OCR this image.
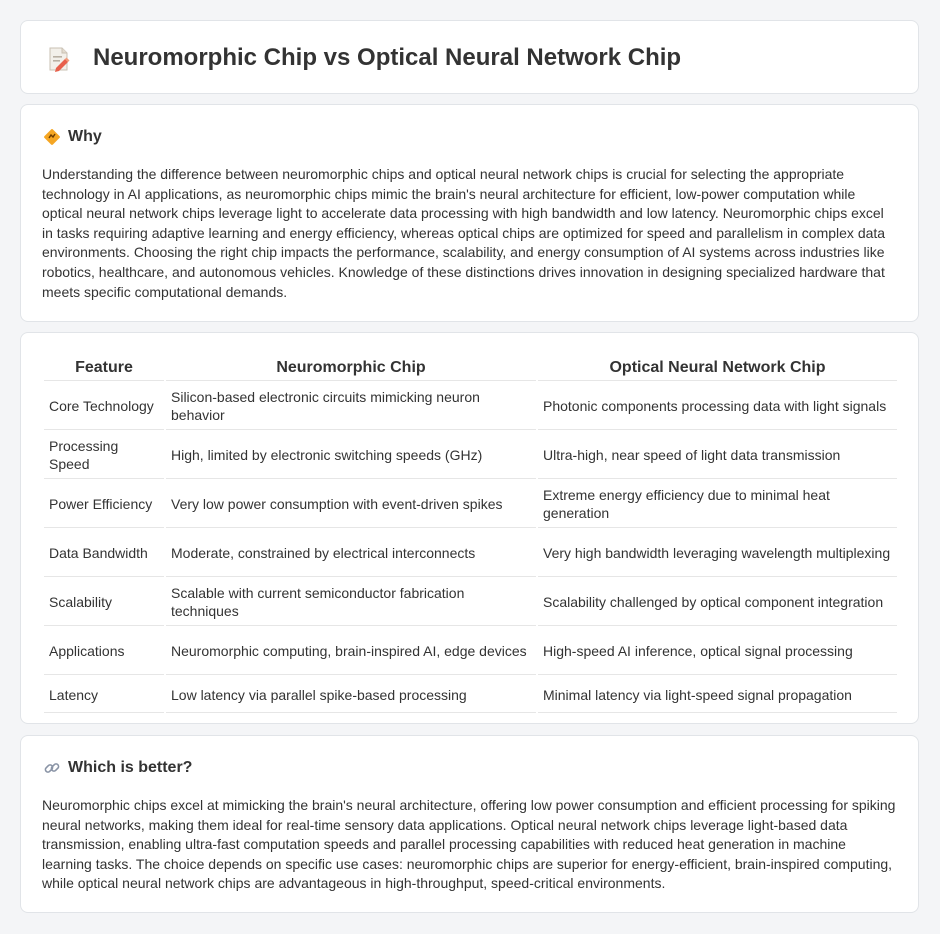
Neuromorphic Chip vs Optical Neural Network Chip
Why

Understanding the difference between neuromorphic chips and optical neural network chips is crucial for selecting the appropriate technology in AI applications, as neuromorphic chips mimic the brain's neural architecture for efficient, low-power computation while optical neural network chips leverage light to accelerate data processing with high bandwidth and low latency. Neuromorphic chips excel in tasks requiring adaptive learning and energy efficiency, whereas optical chips are optimized for speed and parallelism in complex data environments. Choosing the right chip impacts the performance, scalability, and energy consumption of AI systems across industries like robotics, healthcare, and autonomous vehicles. Knowledge of these distinctions drives innovation in designing specialized hardware that meets specific computational demands.

Feature	Neuromorphic Chip	Optical Neural Network Chip
Core Technology	Silicon-based electronic circuits mimicking neuron behavior	Photonic components processing data with light signals
Processing Speed	High, limited by electronic switching speeds (GHz)	Ultra-high, near speed of light data transmission
Power Efficiency	Very low power consumption with event-driven spikes	Extreme energy efficiency due to minimal heat generation
Data Bandwidth	Moderate, constrained by electrical interconnects	Very high bandwidth leveraging wavelength multiplexing
Scalability	Scalable with current semiconductor fabrication techniques	Scalability challenged by optical component integration
Applications	Neuromorphic computing, brain-inspired AI, edge devices	High-speed AI inference, optical signal processing
Latency	Low latency via parallel spike-based processing	Minimal latency via light-speed signal propagation
Which is better?

Neuromorphic chips excel at mimicking the brain's neural architecture, offering low power consumption and efficient processing for spiking neural networks, making them ideal for real-time sensory data applications. Optical neural network chips leverage light-based data transmission, enabling ultra-fast computation speeds and parallel processing capabilities with reduced heat generation in machine learning tasks. The choice depends on specific use cases: neuromorphic chips are superior for energy-efficient, brain-inspired computing, while optical neural network chips are advantageous in high-throughput, speed-critical environments.
